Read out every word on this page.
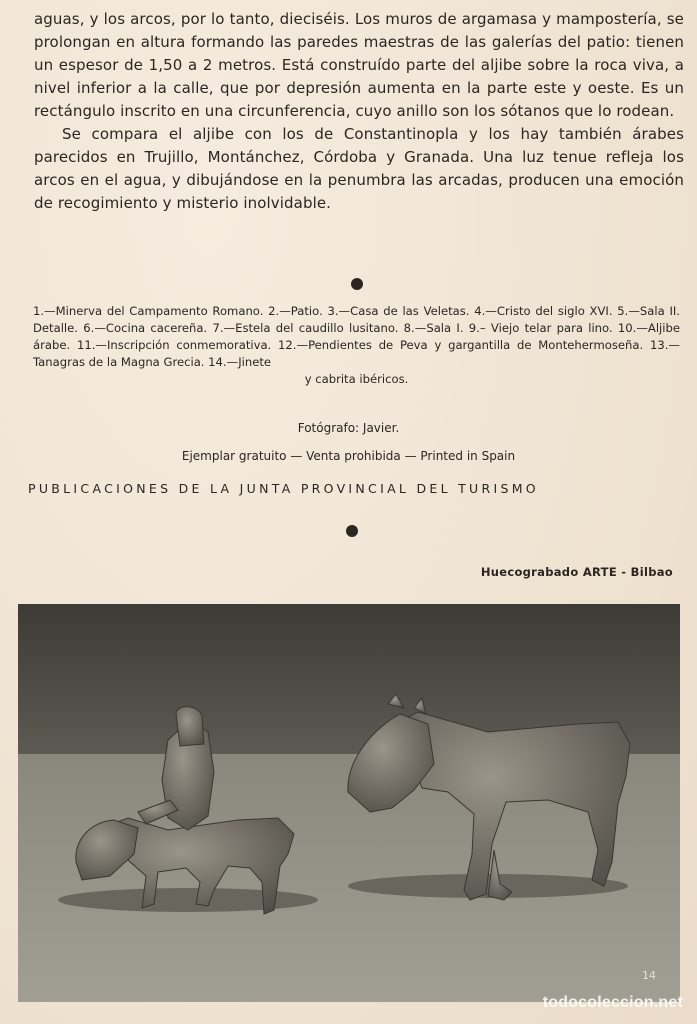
aguas, y los arcos, por lo tanto, dieciséis. Los muros de argamasa y mampostería, se prolongan en altura formando las paredes maestras de las galerías del patio: tienen un espesor de 1,50 a 2 metros. Está construído parte del aljibe sobre la roca viva, a nivel inferior a la calle, que por depresión aumenta en la parte este y oeste. Es un rectángulo inscrito en una circunferencia, cuyo anillo son los sótanos que lo rodean.

Se compara el aljibe con los de Constantinopla y los hay también árabes parecidos en Trujillo, Montánchez, Córdoba y Granada. Una luz tenue refleja los arcos en el agua, y dibujándose en la penumbra las arcadas, producen una emoción de recogimiento y misterio inolvidable.

1.—Minerva del Campamento Romano. 2.—Patio. 3.—Casa de las Veletas. 4.—Cristo del siglo XVI. 5.—Sala II. Detalle. 6.—Cocina cacereña. 7.—Estela del caudillo lusitano. 8.—Sala I. 9.– Viejo telar para lino. 10.—Aljibe árabe. 11.—Inscripción conmemorativa. 12.—Pendientes de Peva y gargantilla de Montehermoseña. 13.—Tanagras de la Magna Grecia. 14.—Jinete

y cabrita ibéricos.

Fotógrafo: Javier.
Ejemplar gratuito — Venta prohibida — Printed in Spain
PUBLICACIONES DE LA JUNTA PROVINCIAL DEL TURISMO
Huecograbado ARTE - Bilbao
14
todocoleccion.net
